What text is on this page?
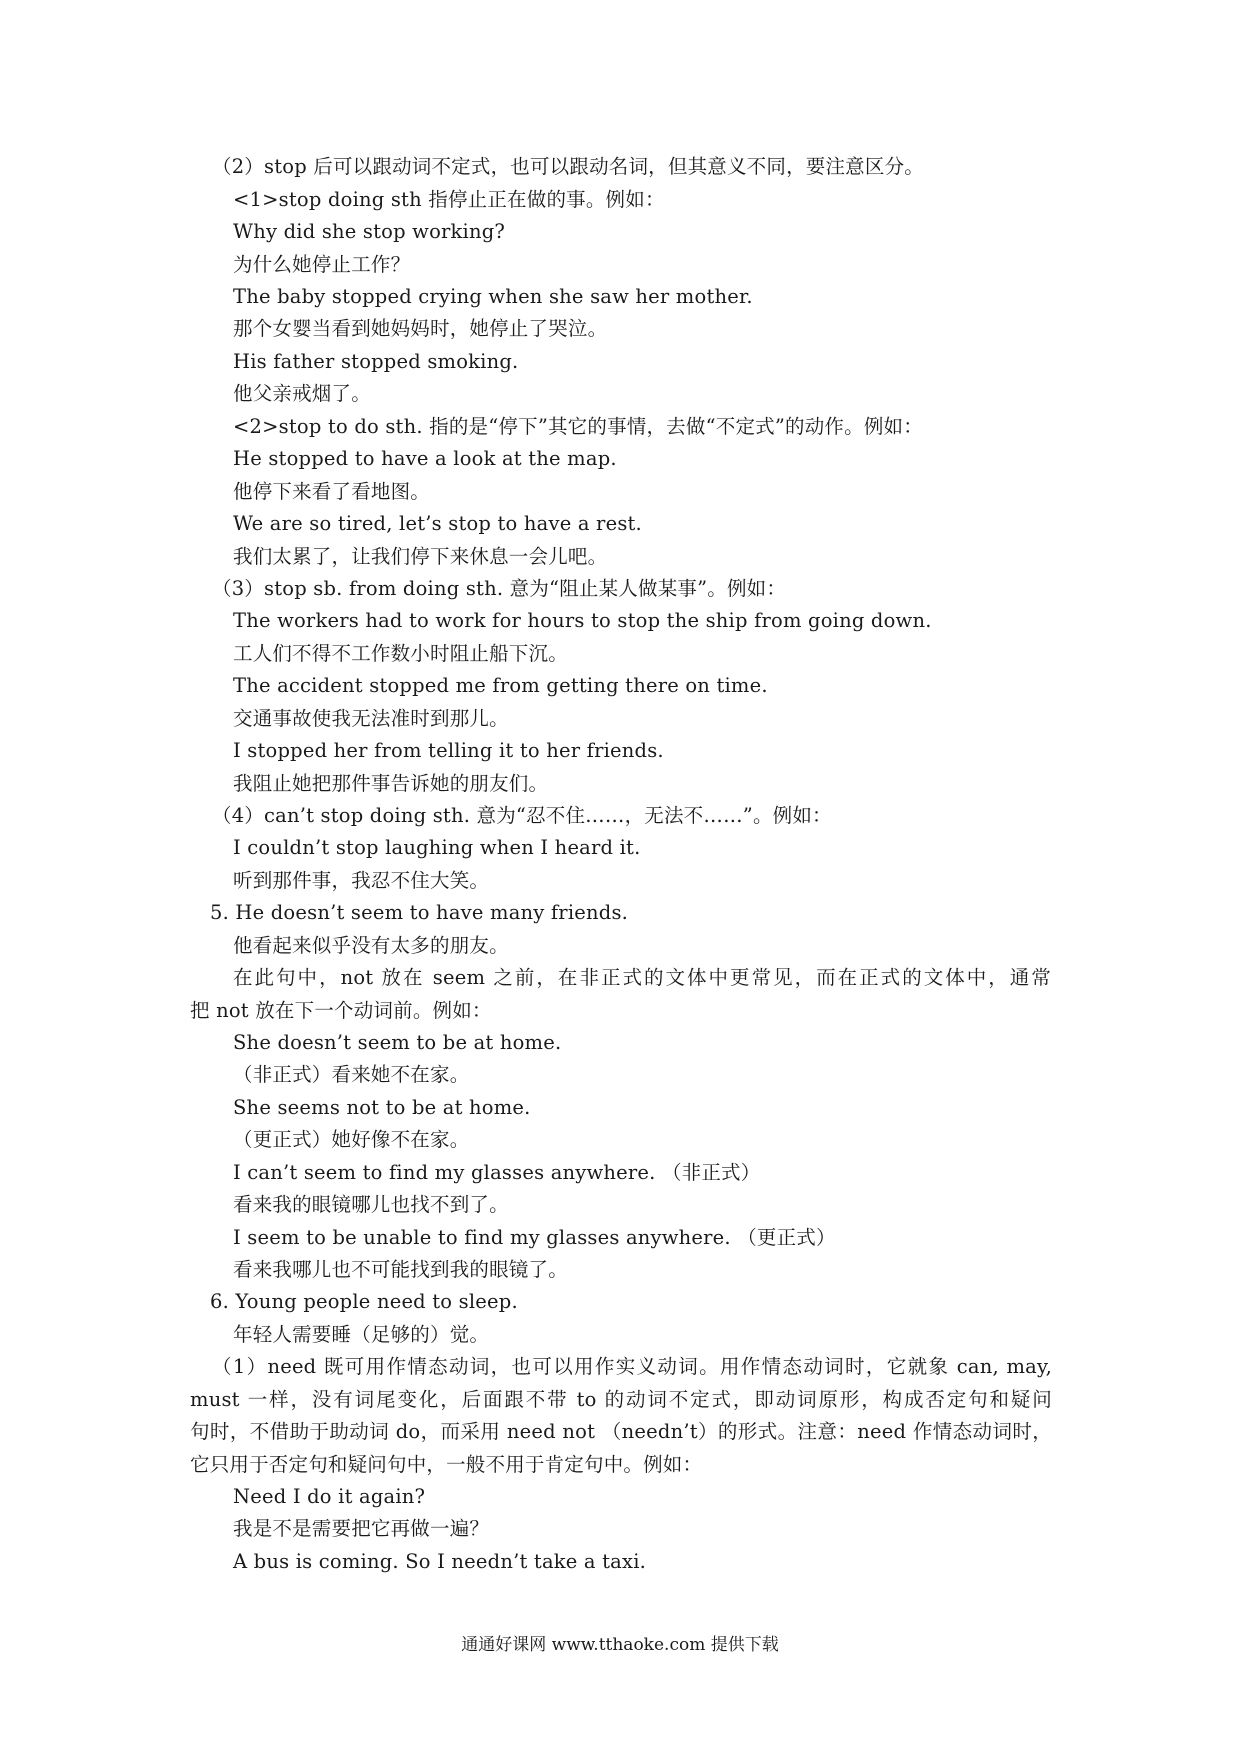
（2）stop 后可以跟动词不定式，也可以跟动名词，但其意义不同，要注意区分。
<1>stop doing sth 指停止正在做的事。例如：
Why did she stop working?
为什么她停止工作？
The baby stopped crying when she saw her mother.
那个女婴当看到她妈妈时，她停止了哭泣。
His father stopped smoking.
他父亲戒烟了。
<2>stop to do sth. 指的是“停下”其它的事情，去做“不定式”的动作。例如：
He stopped to have a look at the map.
他停下来看了看地图。
We are so tired, let’s stop to have a rest.
我们太累了，让我们停下来休息一会儿吧。
（3）stop sb. from doing sth. 意为“阻止某人做某事”。例如：
The workers had to work for hours to stop the ship from going down.
工人们不得不工作数小时阻止船下沉。
The accident stopped me from getting there on time.
交通事故使我无法准时到那儿。
I stopped her from telling it to her friends.
我阻止她把那件事告诉她的朋友们。
（4）can’t stop doing sth. 意为“忍不住……，无法不……”。例如：
I couldn’t stop laughing when I heard it.
听到那件事，我忍不住大笑。
5. He doesn’t seem to have many friends.
他看起来似乎没有太多的朋友。
在此句中，not 放在 seem 之前，在非正式的文体中更常见，而在正式的文体中，通常
把 not 放在下一个动词前。例如：
She doesn’t seem to be at home.
（非正式）看来她不在家。
She seems not to be at home.
（更正式）她好像不在家。
I can’t seem to find my glasses anywhere. （非正式）
看来我的眼镜哪儿也找不到了。
I seem to be unable to find my glasses anywhere. （更正式）
看来我哪儿也不可能找到我的眼镜了。
6. Young people need to sleep.
年轻人需要睡（足够的）觉。
（1）need 既可用作情态动词，也可以用作实义动词。用作情态动词时，它就象 can, may,
must 一样，没有词尾变化，后面跟不带 to 的动词不定式，即动词原形，构成否定句和疑问
句时，不借助于助动词 do，而采用 need not （needn’t）的形式。注意：need 作情态动词时，
它只用于否定句和疑问句中，一般不用于肯定句中。例如：
Need I do it again?
我是不是需要把它再做一遍？
A bus is coming. So I needn’t take a taxi.
通通好课网 www.tthaoke.com 提供下载
